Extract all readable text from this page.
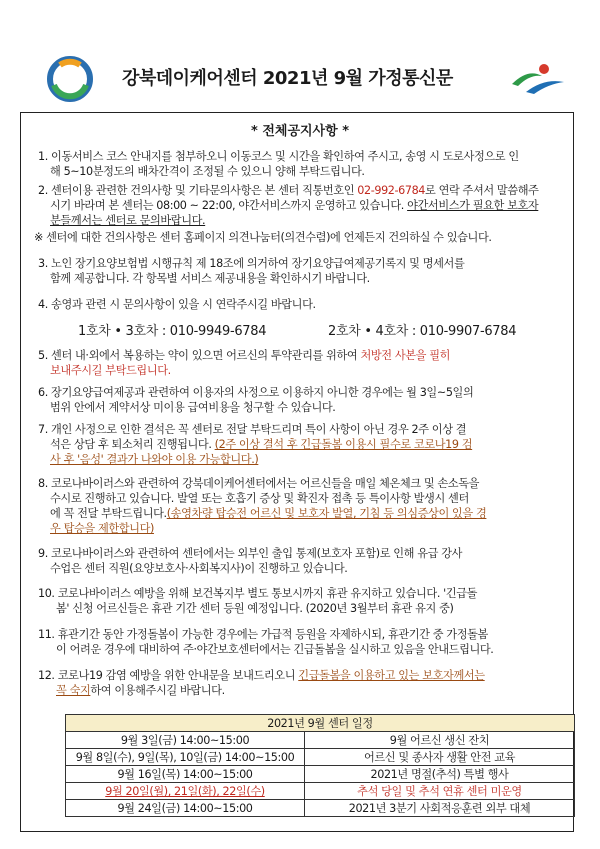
강북데이케어센터 2021년 9월 가정통신문
* 전체공지사항 *
1. 이동서비스 코스 안내지를 첨부하오니 이동코스 및 시간을 확인하여 주시고, 송영 시 도로사정으로 인
해 5~10분정도의 배차간격이 조정될 수 있으니 양해 부탁드립니다.
2. 센터이용 관련한 건의사항 및 기타문의사항은 본 센터 직통번호인 02-992-6784로 연락 주셔서 말씀해주
시기 바라며 본 센터는 08:00 ~ 22:00, 야간서비스까지 운영하고 있습니다. 야간서비스가 필요한 보호자
분들께서는 센터로 문의바랍니다.
※ 센터에 대한 건의사항은 센터 홈페이지 의견나눔터(의견수렴)에 언제든지 건의하실 수 있습니다.
3. 노인 장기요양보험법 시행규칙 제 18조에 의거하여 장기요양급여제공기록지 및 명세서를
함께 제공합니다. 각 항목별 서비스 제공내용을 확인하시기 바랍니다.
4. 송영과 관련 시 문의사항이 있을 시 연락주시길 바랍니다.
1호차 • 3호차 : 010-9949-6784	2호차 • 4호차 : 010-9907-6784
5. 센터 내·외에서 복용하는 약이 있으면 어르신의 투약관리를 위하여 처방전 사본을 필히
보내주시길 부탁드립니다.
6. 장기요양급여제공과 관련하여 이용자의 사정으로 이용하지 아니한 경우에는 월 3일~5일의
범위 안에서 계약서상 미이용 급여비용을 청구할 수 있습니다.
7. 개인 사정으로 인한 결석은 꼭 센터로 전달 부탁드리며 특이 사항이 아닌 경우 2주 이상 결
석은 상담 후 퇴소처리 진행됩니다. (2주 이상 결석 후 긴급돌봄 이용시 필수로 코로나19 검
사 후 '음성' 결과가 나와야 이용 가능합니다.)
8. 코로나바이러스와 관련하여 강북데이케어센터에서는 어르신들을 매일 체온체크 및 손소독을
수시로 진행하고 있습니다. 발열 또는 호흡기 증상 및 확진자 접촉 등 특이사항 발생시 센터
에 꼭 전달 부탁드립니다.(송영차량 탑승전 어르신 및 보호자 발열, 기침 등 의심증상이 있을 경
우 탑승을 제한합니다)
9. 코로나바이러스와 관련하여 센터에서는 외부인 출입 통제(보호자 포함)로 인해 유급 강사
수업은 센터 직원(요양보호사·사회복지사)이 진행하고 있습니다.
10. 코로나바이러스 예방을 위해 보건복지부 별도 통보시까지 휴관 유지하고 있습니다. '긴급돌
봄' 신청 어르신들은 휴관 기간 센터 등원 예정입니다. (2020년 3월부터 휴관 유지 중)
11. 휴관기간 동안 가정돌봄이 가능한 경우에는 가급적 등원을 자제하시되, 휴관기간 중 가정돌봄
이 어려운 경우에 대비하여 주·야간보호센터에서는 긴급돌봄을 실시하고 있음을 안내드립니다.
12. 코로나19 감염 예방을 위한 안내문을 보내드리오니 긴급돌봄을 이용하고 있는 보호자께서는
꼭 숙지하여 이용해주시길 바랍니다.
2021년 9월 센터 일정	
9월 3일(금) 14:00~15:00	9월 어르신 생신 잔치
9월 8일(수), 9일(목), 10일(금) 14:00~15:00	어르신 및 종사자 생활 안전 교육
9월 16일(목) 14:00~15:00	2021년 명절(추석) 특별 행사
9월 20일(월), 21일(화), 22일(수)	추석 당일 및 추석 연휴 센터 미운영
9월 24일(금) 14:00~15:00	2021년 3분기 사회적응훈련 외부 대체
